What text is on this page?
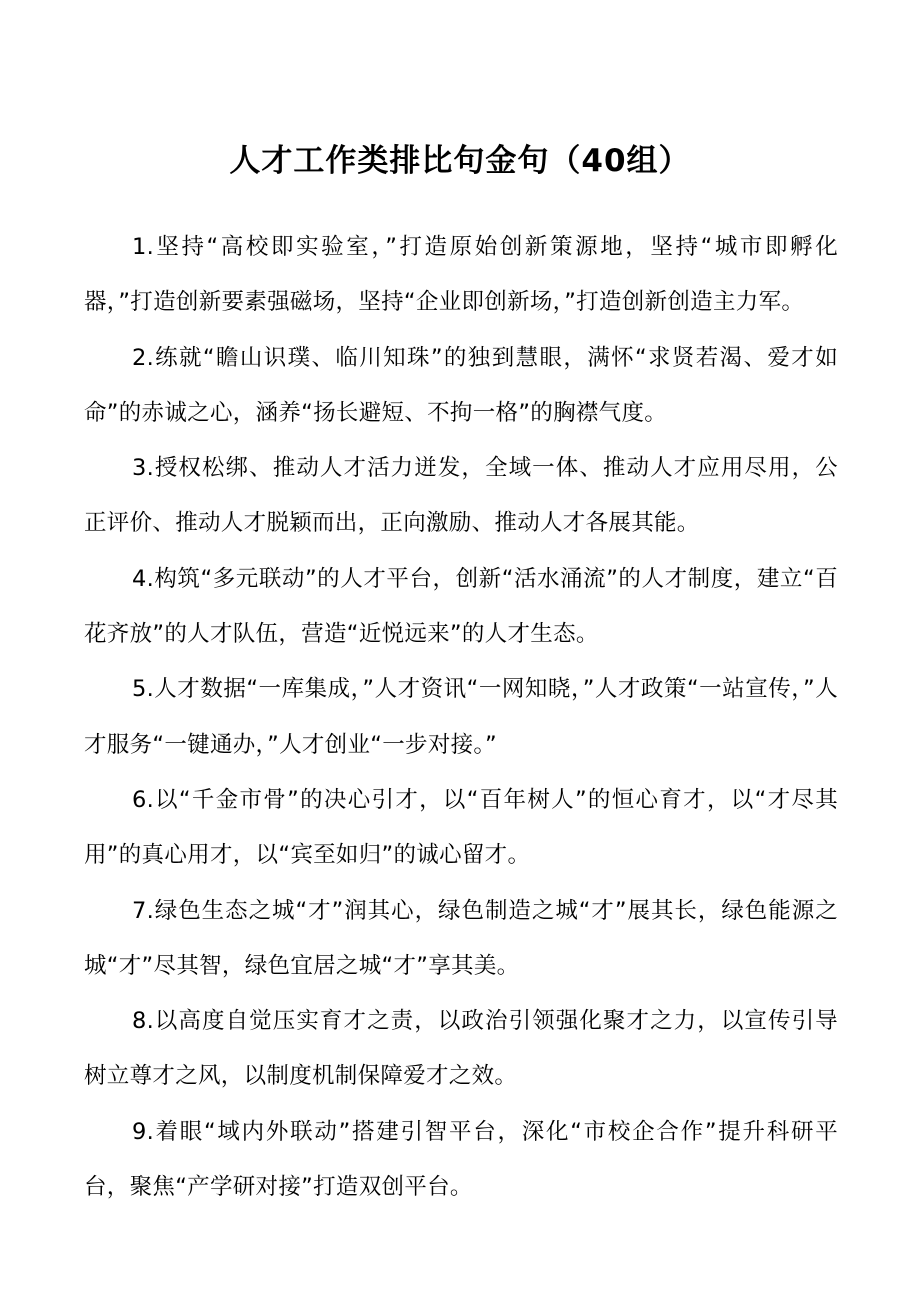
人才工作类排比句金句（40组）

1.坚持“高校即实验室，”打造原始创新策源地，坚持“城市即孵化器，”打造创新要素强磁场，坚持“企业即创新场，”打造创新创造主力军。

2.练就“瞻山识璞、临川知珠”的独到慧眼，满怀“求贤若渴、爱才如命”的赤诚之心，涵养“扬长避短、不拘一格”的胸襟气度。

3.授权松绑、推动人才活力迸发，全域一体、推动人才应用尽用，公正评价、推动人才脱颖而出，正向激励、推动人才各展其能。

4.构筑“多元联动”的人才平台，创新“活水涌流”的人才制度，建立“百花齐放”的人才队伍，营造“近悦远来”的人才生态。

5.人才数据“一库集成，”人才资讯“一网知晓，”人才政策“一站宣传，”人才服务“一键通办，”人才创业“一步对接。”

6.以“千金市骨”的决心引才，以“百年树人”的恒心育才，以“才尽其用”的真心用才，以“宾至如归”的诚心留才。

7.绿色生态之城“才”润其心，绿色制造之城“才”展其长，绿色能源之城“才”尽其智，绿色宜居之城“才”享其美。

8.以高度自觉压实育才之责，以政治引领强化聚才之力，以宣传引导树立尊才之风，以制度机制保障爱才之效。

9.着眼“域内外联动”搭建引智平台，深化“市校企合作”提升科研平台，聚焦“产学研对接”打造双创平台。
